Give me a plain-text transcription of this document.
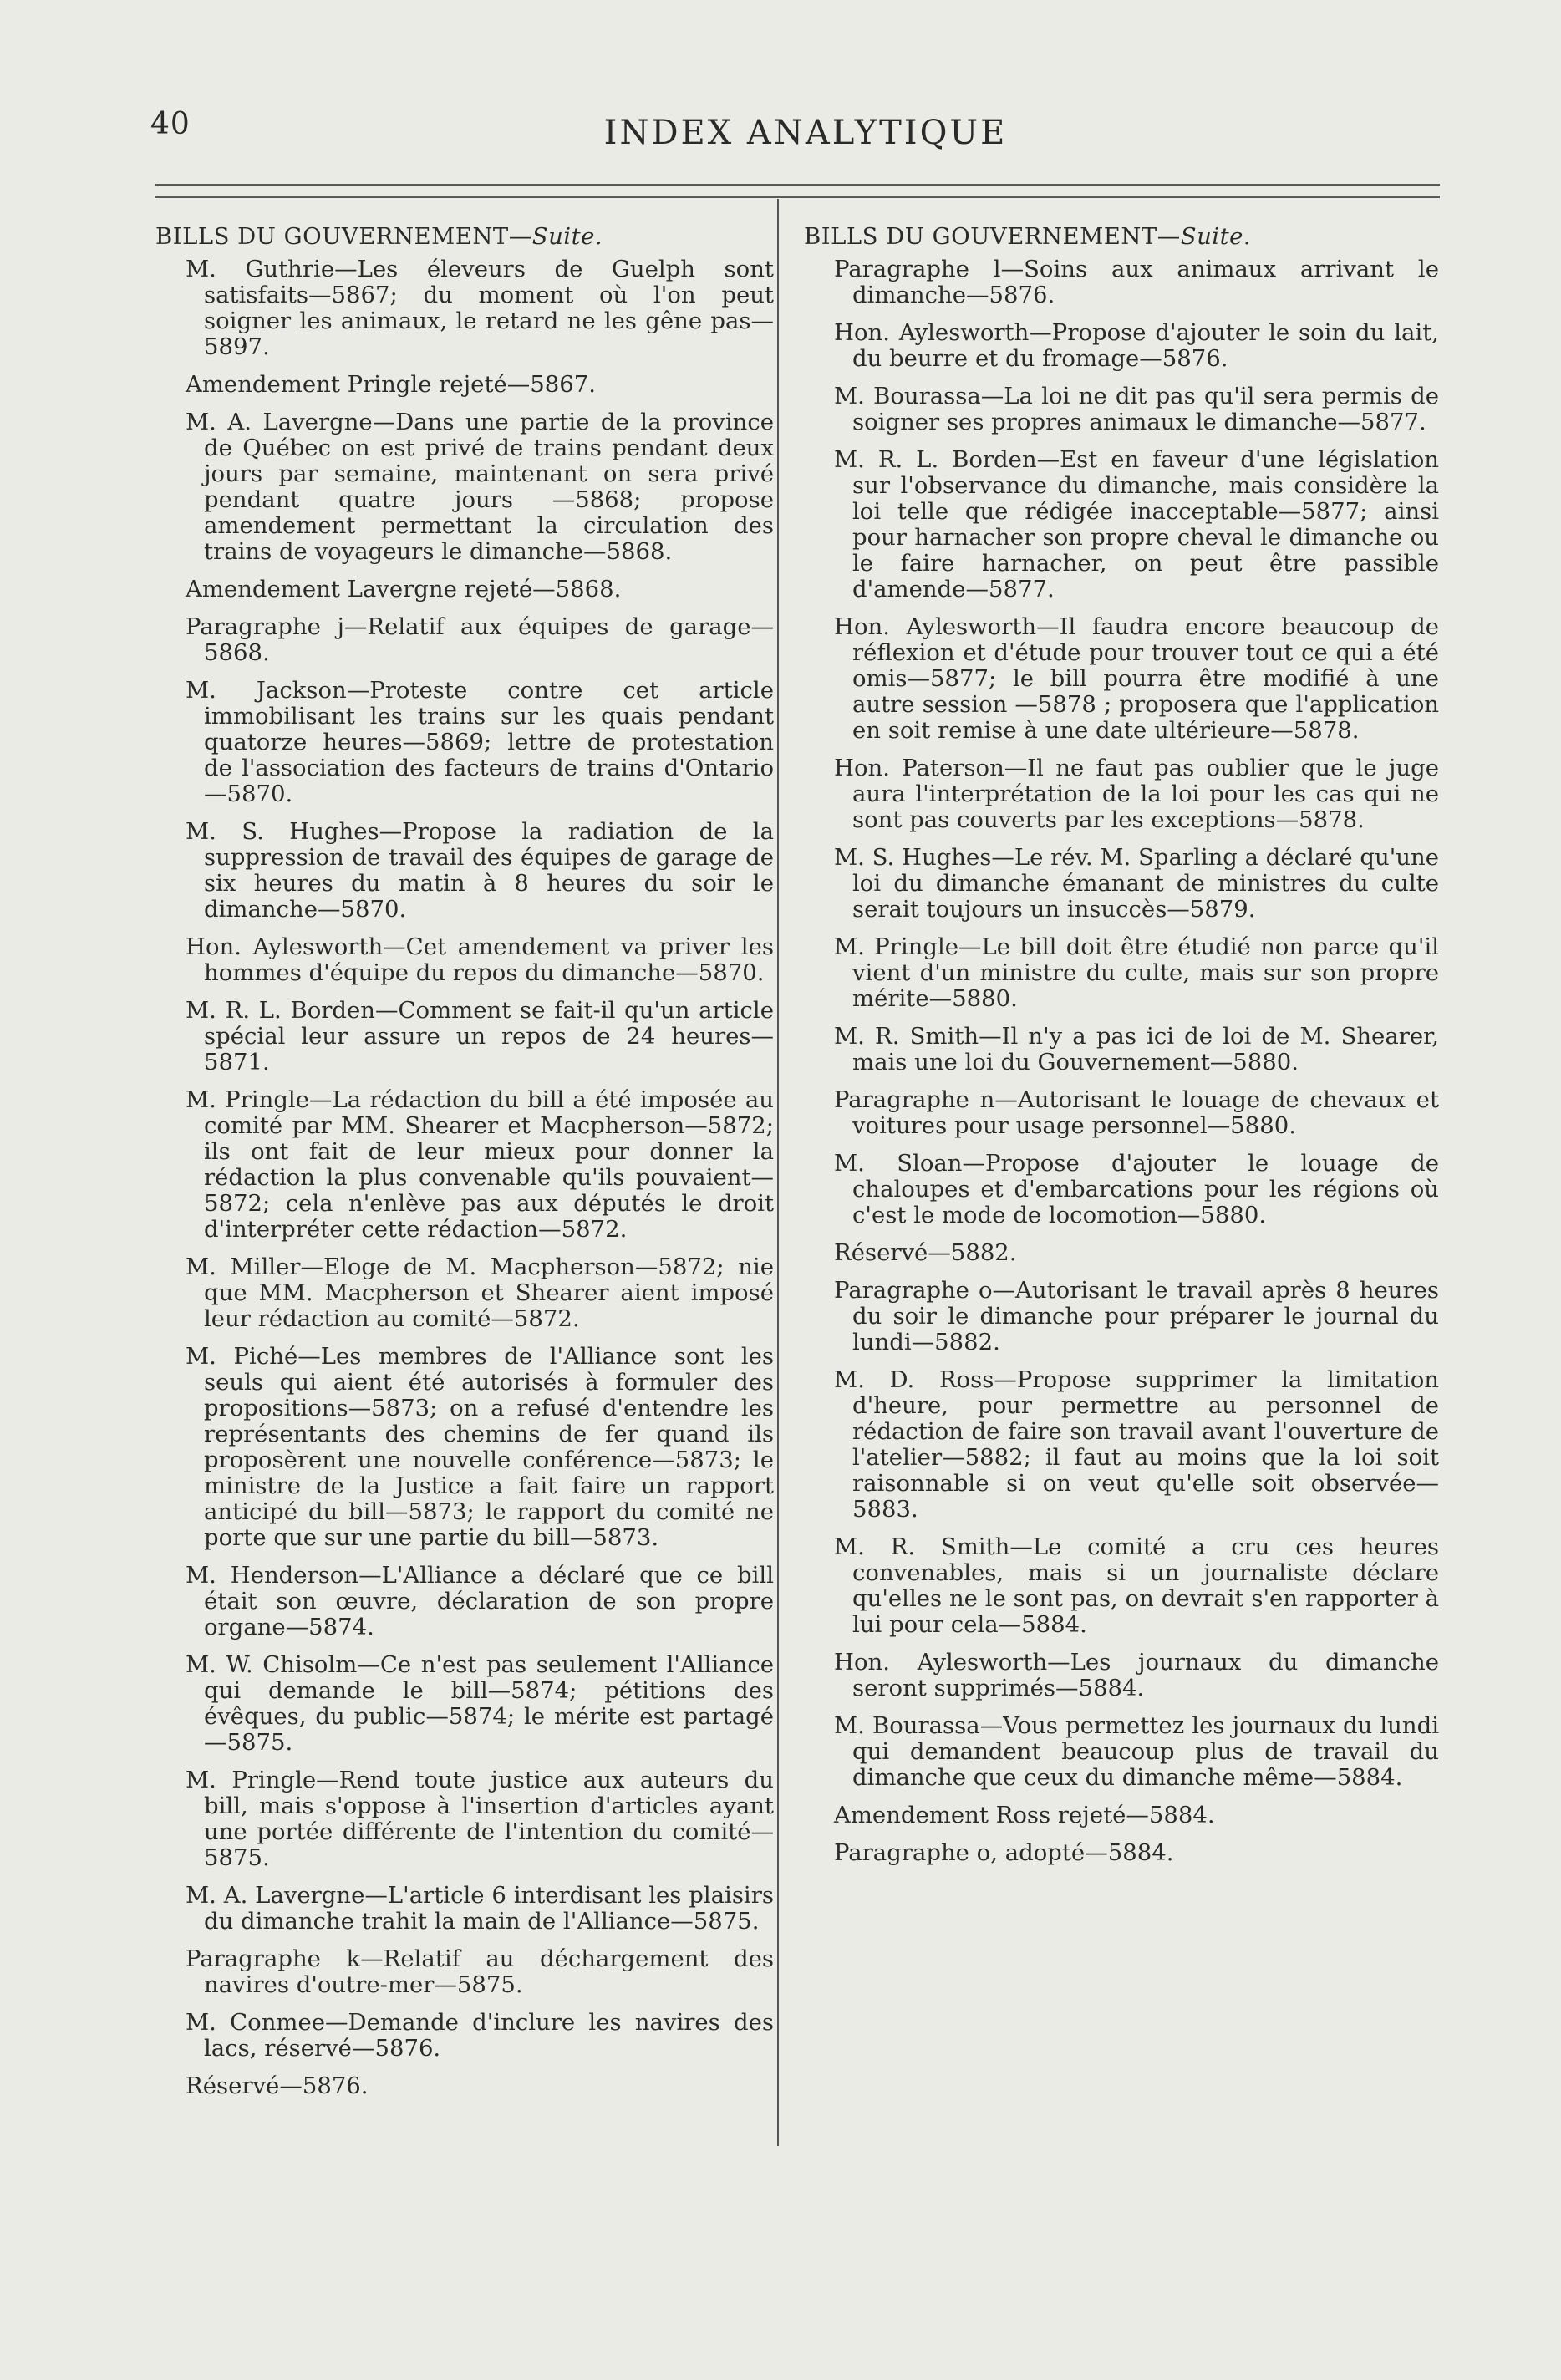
40	INDEX ANALYTIQUE

BILLS DU GOUVERNEMENT—Suite.

M. Guthrie—Les éleveurs de Guelph sont satisfaits—5867; du moment où l'on peut soigner les animaux, le retard ne les gêne pas—5897.

Amendement Pringle rejeté—5867.

M. A. Lavergne—Dans une partie de la province de Québec on est privé de trains pendant deux jours par semaine, maintenant on sera privé pendant quatre jours —5868; propose amendement permettant la circulation des trains de voyageurs le dimanche—5868.

Amendement Lavergne rejeté—5868.

Paragraphe j—Relatif aux équipes de garage—5868.

M. Jackson—Proteste contre cet article immobilisant les trains sur les quais pendant quatorze heures—5869; lettre de protestation de l'association des facteurs de trains d'Ontario—5870.

M. S. Hughes—Propose la radiation de la suppression de travail des équipes de garage de six heures du matin à 8 heures du soir le dimanche—5870.

Hon. Aylesworth—Cet amendement va priver les hommes d'équipe du repos du dimanche—5870.

M. R. L. Borden—Comment se fait-il qu'un article spécial leur assure un repos de 24 heures—5871.

M. Pringle—La rédaction du bill a été imposée au comité par MM. Shearer et Macpherson—5872; ils ont fait de leur mieux pour donner la rédaction la plus convenable qu'ils pouvaient—5872; cela n'enlève pas aux députés le droit d'interpréter cette rédaction—5872.

M. Miller—Eloge de M. Macpherson—5872; nie que MM. Macpherson et Shearer aient imposé leur rédaction au comité—5872.

M. Piché—Les membres de l'Alliance sont les seuls qui aient été autorisés à formuler des propositions—5873; on a refusé d'entendre les représentants des chemins de fer quand ils proposèrent une nouvelle conférence—5873; le ministre de la Justice a fait faire un rapport anticipé du bill—5873; le rapport du comité ne porte que sur une partie du bill—5873.

M. Henderson—L'Alliance a déclaré que ce bill était son œuvre, déclaration de son propre organe—5874.

M. W. Chisolm—Ce n'est pas seulement l'Alliance qui demande le bill—5874; pétitions des évêques, du public—5874; le mérite est partagé—5875.

M. Pringle—Rend toute justice aux auteurs du bill, mais s'oppose à l'insertion d'articles ayant une portée différente de l'intention du comité—5875.

M. A. Lavergne—L'article 6 interdisant les plaisirs du dimanche trahit la main de l'Alliance—5875.

Paragraphe k—Relatif au déchargement des navires d'outre-mer—5875.

M. Conmee—Demande d'inclure les navires des lacs, réservé—5876.

Réservé—5876.

BILLS DU GOUVERNEMENT—Suite.

Paragraphe l—Soins aux animaux arrivant le dimanche—5876.

Hon. Aylesworth—Propose d'ajouter le soin du lait, du beurre et du fromage—5876.

M. Bourassa—La loi ne dit pas qu'il sera permis de soigner ses propres animaux le dimanche—5877.

M. R. L. Borden—Est en faveur d'une législation sur l'observance du dimanche, mais considère la loi telle que rédigée inacceptable—5877; ainsi pour harnacher son propre cheval le dimanche ou le faire harnacher, on peut être passible d'amende—5877.

Hon. Aylesworth—Il faudra encore beaucoup de réflexion et d'étude pour trouver tout ce qui a été omis—5877; le bill pourra être modifié à une autre session —5878 ; proposera que l'application en soit remise à une date ultérieure—5878.

Hon. Paterson—Il ne faut pas oublier que le juge aura l'interprétation de la loi pour les cas qui ne sont pas couverts par les exceptions—5878.

M. S. Hughes—Le rév. M. Sparling a déclaré qu'une loi du dimanche émanant de ministres du culte serait toujours un insuccès—5879.

M. Pringle—Le bill doit être étudié non parce qu'il vient d'un ministre du culte, mais sur son propre mérite—5880.

M. R. Smith—Il n'y a pas ici de loi de M. Shearer, mais une loi du Gouvernement—5880.

Paragraphe n—Autorisant le louage de chevaux et voitures pour usage personnel—5880.

M. Sloan—Propose d'ajouter le louage de chaloupes et d'embarcations pour les régions où c'est le mode de locomotion—5880.

Réservé—5882.

Paragraphe o—Autorisant le travail après 8 heures du soir le dimanche pour préparer le journal du lundi—5882.

M. D. Ross—Propose supprimer la limitation d'heure, pour permettre au personnel de rédaction de faire son travail avant l'ouverture de l'atelier—5882; il faut au moins que la loi soit raisonnable si on veut qu'elle soit observée—5883.

M. R. Smith—Le comité a cru ces heures convenables, mais si un journaliste déclare qu'elles ne le sont pas, on devrait s'en rapporter à lui pour cela—5884.

Hon. Aylesworth—Les journaux du dimanche seront supprimés—5884.

M. Bourassa—Vous permettez les journaux du lundi qui demandent beaucoup plus de travail du dimanche que ceux du dimanche même—5884.

Amendement Ross rejeté—5884.

Paragraphe o, adopté—5884.
